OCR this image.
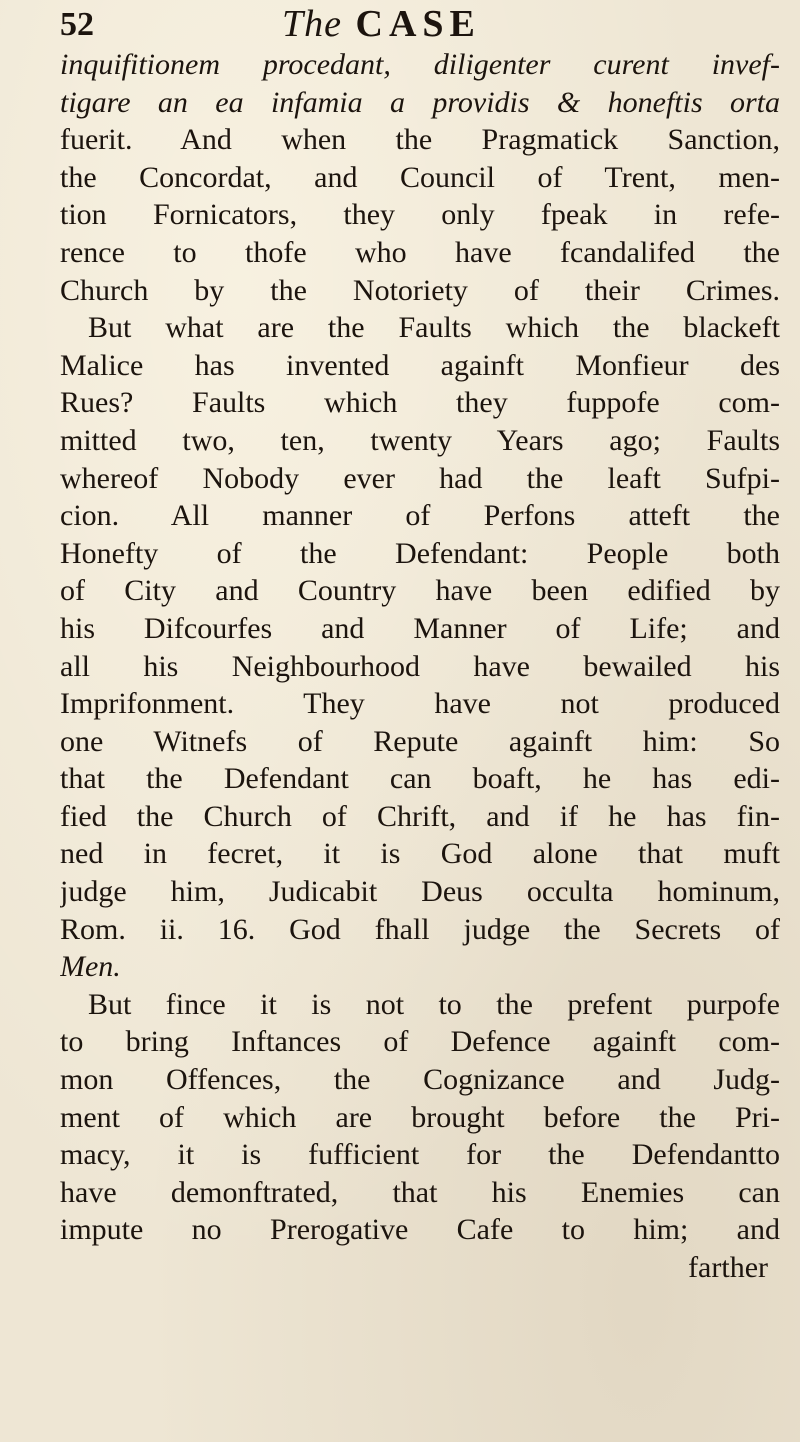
52	The CASE
inquifitionem procedant, diligenter curent invef-
tigare an ea infamia a providis & honeftis orta
fuerit. And when the Pragmatick Sanction,
the Concordat, and Council of Trent, men-
tion Fornicators, they only fpeak in refe-
rence to thofe who have fcandalifed the
Church by the Notoriety of their Crimes.
But what are the Faults which the blackeft
Malice has invented againft Monfieur des
Rues? Faults which they fuppofe com-
mitted two, ten, twenty Years ago; Faults
whereof Nobody ever had the leaft Sufpi-
cion. All manner of Perfons atteft the
Honefty of the Defendant: People both
of City and Country have been edified by
his Difcourfes and Manner of Life; and
all his Neighbourhood have bewailed his
Imprifonment. They have not produced
one Witnefs of Repute againft him: So
that the Defendant can boaft, he has edi-
fied the Church of Chrift, and if he has fin-
ned in fecret, it is God alone that muft
judge him, Judicabit Deus occulta hominum,
Rom. ii. 16. God fhall judge the Secrets of
Men.
But fince it is not to the prefent purpofe
to bring Inftances of Defence againft com-
mon Offences, the Cognizance and Judg-
ment of which are brought before the Pri-
macy, it is fufficient for the Defendantto
have demonftrated, that his Enemies can
impute no Prerogative Cafe to him; and
farther
